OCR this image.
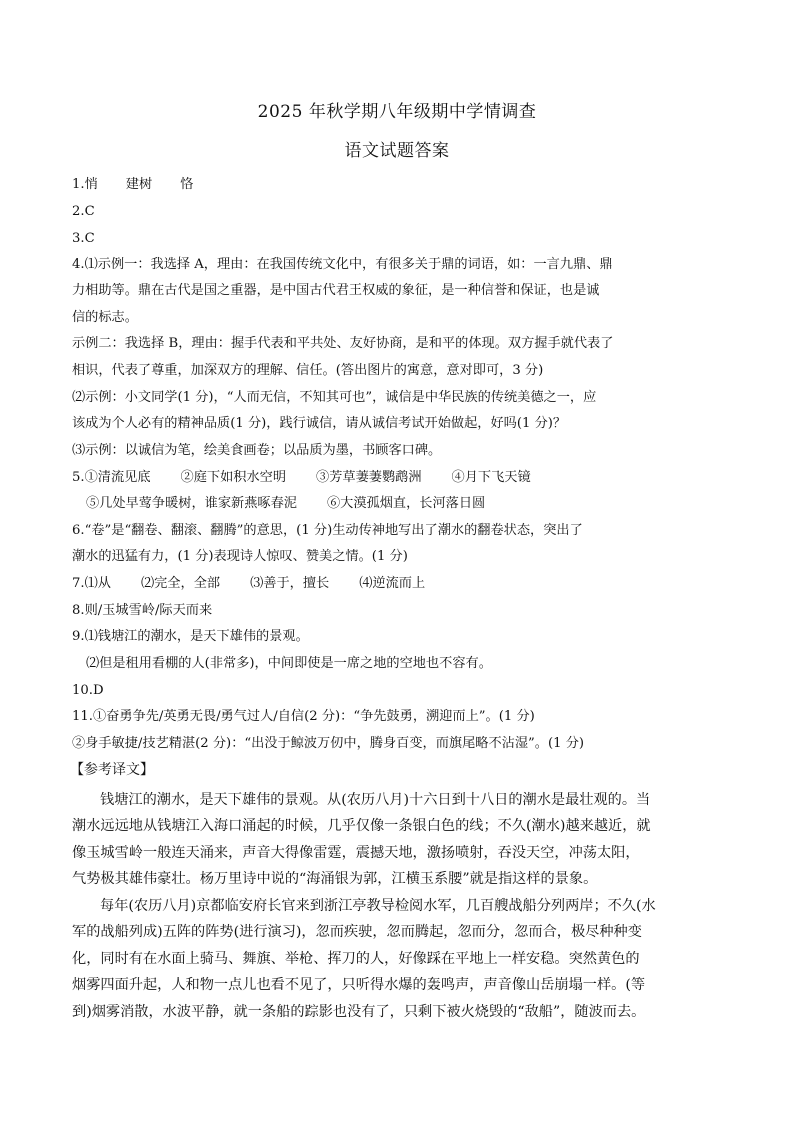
2025 年秋学期八年级期中学情调查
语文试题答案
1.悄 建树 恪
2.C
3.C
4.⑴示例一：我选择 A，理由：在我国传统文化中，有很多关于鼎的词语，如：一言九鼎、鼎
力相助等。鼎在古代是国之重器，是中国古代君王权威的象征，是一种信誉和保证，也是诚
信的标志。
示例二：我选择 B，理由：握手代表和平共处、友好协商，是和平的体现。双方握手就代表了
相识，代表了尊重，加深双方的理解、信任。(答出图片的寓意，意对即可，3 分)
⑵示例：小文同学(1 分)，“人而无信，不知其可也”，诚信是中华民族的传统美德之一，应
该成为个人必有的精神品质(1 分)，践行诚信，请从诚信考试开始做起，好吗(1 分)？
⑶示例：以诚信为笔，绘美食画卷；以品质为墨，书顾客口碑。
5.①清流见底 ②庭下如积水空明 ③芳草萋萋鹦鹉洲 ④月下飞天镜
⑤几处早莺争暖树，谁家新燕啄春泥 ⑥大漠孤烟直，长河落日圆
6.“卷”是“翻卷、翻滚、翻腾”的意思，(1 分)生动传神地写出了潮水的翻卷状态，突出了
潮水的迅猛有力，(1 分)表现诗人惊叹、赞美之情。(1 分)
7.⑴从 ⑵完全，全部 ⑶善于，擅长 ⑷逆流而上
8.则/玉城雪岭/际天而来
9.⑴钱塘江的潮水，是天下雄伟的景观。
⑵但是租用看棚的人(非常多)，中间即使是一席之地的空地也不容有。
10.D
11.①奋勇争先/英勇无畏/勇气过人/自信(2 分)：“争先鼓勇，溯迎而上”。(1 分)
②身手敏捷/技艺精湛(2 分)：“出没于鲸波万仞中，腾身百变，而旗尾略不沾湿”。(1 分)
【参考译文】
钱塘江的潮水，是天下雄伟的景观。从(农历八月)十六日到十八日的潮水是最壮观的。当
潮水远远地从钱塘江入海口涌起的时候，几乎仅像一条银白色的线；不久(潮水)越来越近，就
像玉城雪岭一般连天涌来，声音大得像雷霆，震撼天地，激扬喷射，吞没天空，冲荡太阳，
气势极其雄伟豪壮。杨万里诗中说的“海涌银为郭，江横玉系腰”就是指这样的景象。
每年(农历八月)京都临安府长官来到浙江亭教导检阅水军，几百艘战船分列两岸；不久(水
军的战船列成)五阵的阵势(进行演习)，忽而疾驶，忽而腾起，忽而分，忽而合，极尽种种变
化，同时有在水面上骑马、舞旗、举枪、挥刀的人，好像踩在平地上一样安稳。突然黄色的
烟雾四面升起，人和物一点儿也看不见了，只听得水爆的轰鸣声，声音像山岳崩塌一样。(等
到)烟雾消散，水波平静，就一条船的踪影也没有了，只剩下被火烧毁的“敌船”，随波而去。
